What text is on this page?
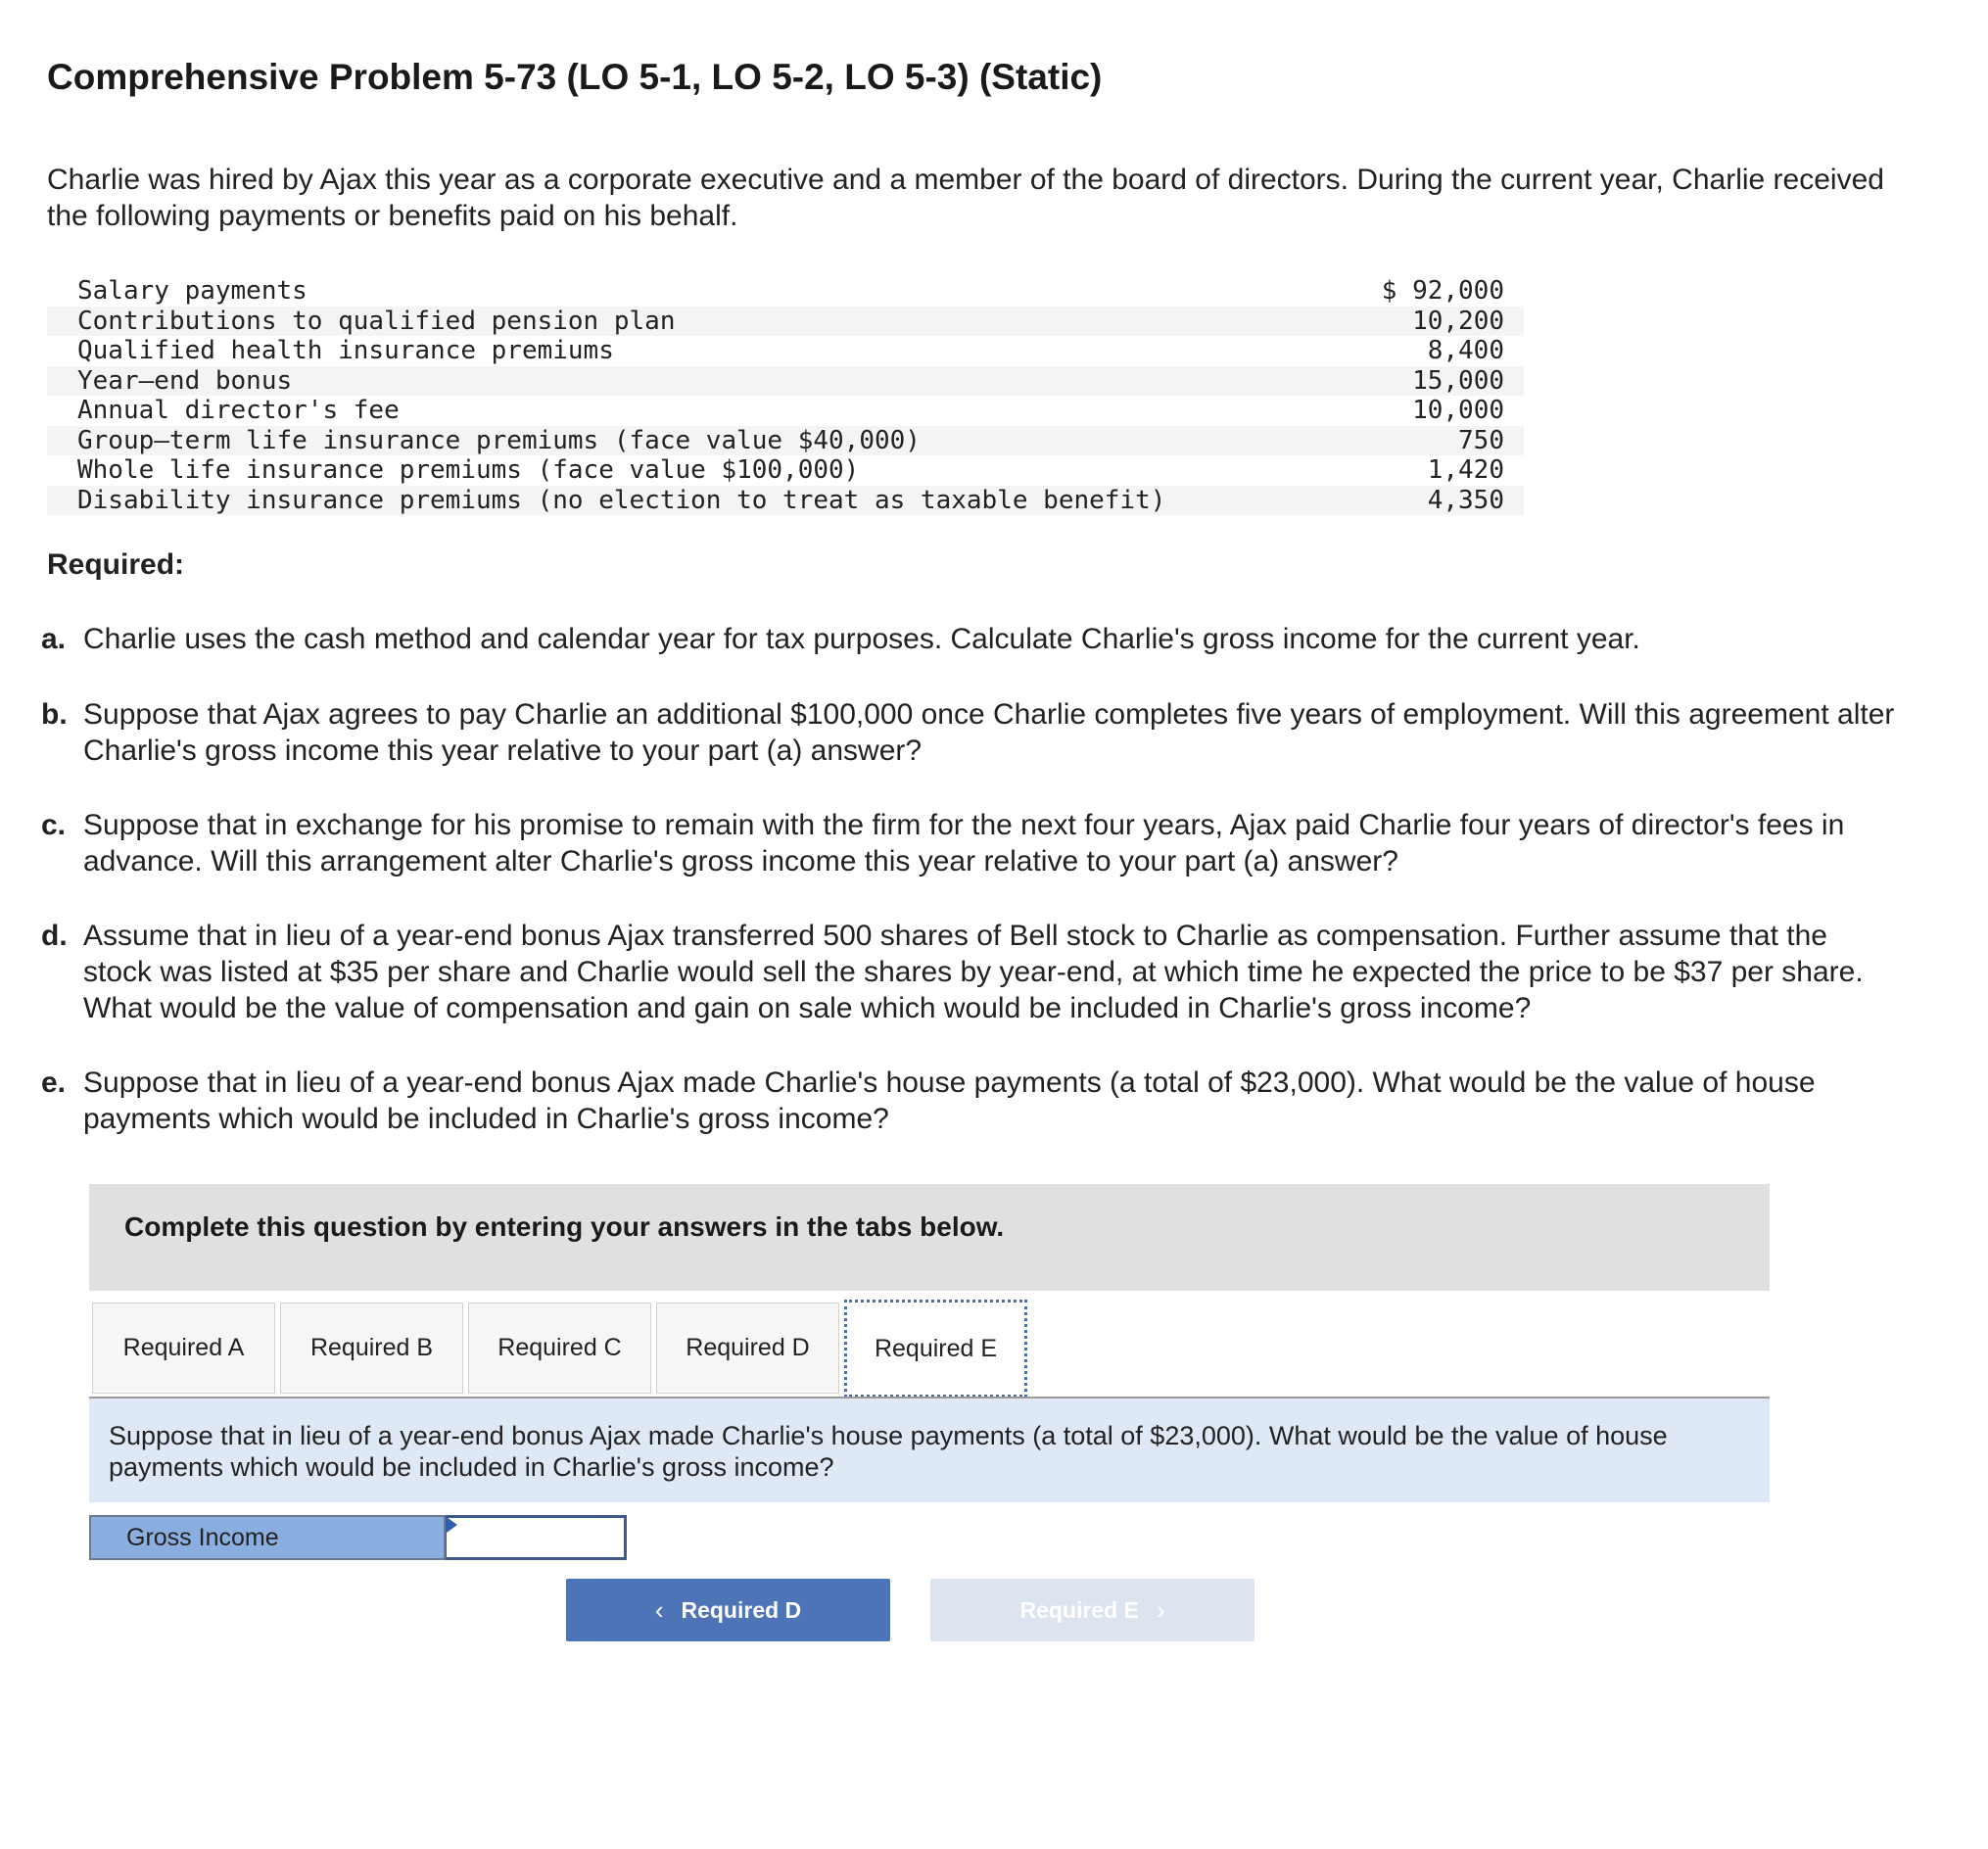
Comprehensive Problem 5-73 (LO 5-1, LO 5-2, LO 5-3) (Static)

Charlie was hired by Ajax this year as a corporate executive and a member of the board of directors. During the current year, Charlie received the following payments or benefits paid on his behalf.

Salary payments	$ 92,000
Contributions to qualified pension plan	10,200
Qualified health insurance premiums	8,400
Year–end bonus	15,000
Annual director's fee	10,000
Group–term life insurance premiums (face value $40,000)	750
Whole life insurance premiums (face value $100,000)	1,420
Disability insurance premiums (no election to treat as taxable benefit)	4,350
Required:
a. Charlie uses the cash method and calendar year for tax purposes. Calculate Charlie's gross income for the current year.
b. Suppose that Ajax agrees to pay Charlie an additional $100,000 once Charlie completes five years of employment. Will this agreement alter Charlie's gross income this year relative to your part (a) answer?
c. Suppose that in exchange for his promise to remain with the firm for the next four years, Ajax paid Charlie four years of director's fees in advance. Will this arrangement alter Charlie's gross income this year relative to your part (a) answer?
d. Assume that in lieu of a year-end bonus Ajax transferred 500 shares of Bell stock to Charlie as compensation. Further assume that the stock was listed at $35 per share and Charlie would sell the shares by year-end, at which time he expected the price to be $37 per share. What would be the value of compensation and gain on sale which would be included in Charlie's gross income?
e. Suppose that in lieu of a year-end bonus Ajax made Charlie's house payments (a total of $23,000). What would be the value of house payments which would be included in Charlie's gross income?
Complete this question by entering your answers in the tabs below.
Required A	Required B	Required C	Required D	Required E
Suppose that in lieu of a year-end bonus Ajax made Charlie's house payments (a total of $23,000). What would be the value of house payments which would be included in Charlie's gross income?
Gross Income
‹ Required D	Required E ›
